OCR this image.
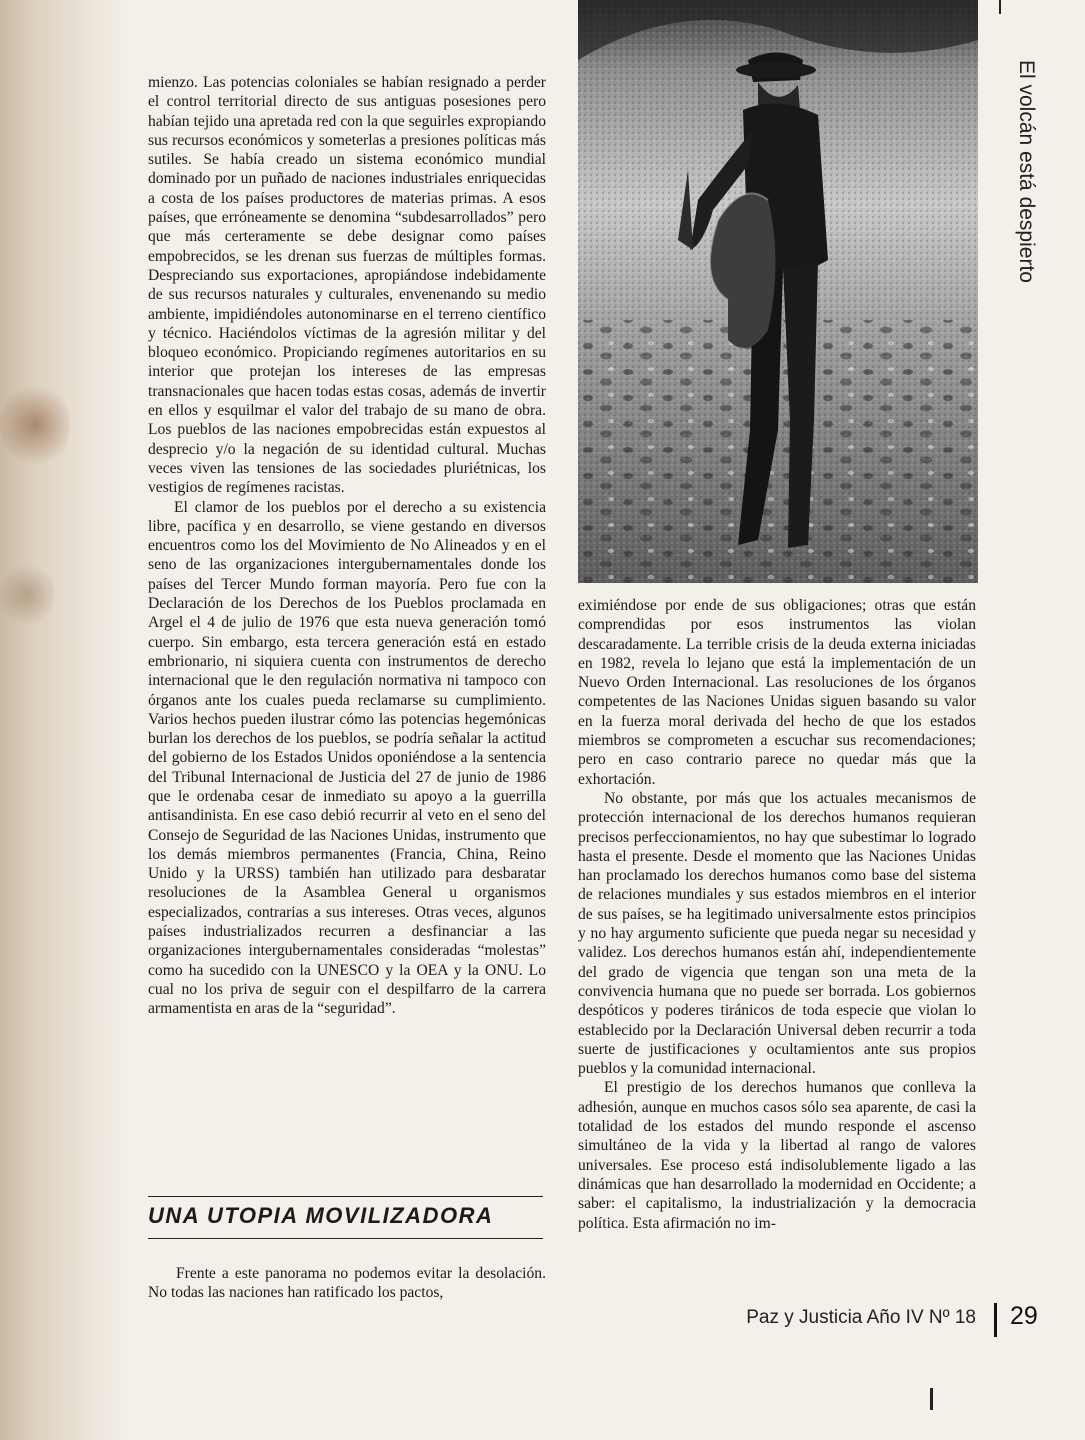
mienzo. Las potencias coloniales se habían resignado a perder el control territorial directo de sus antiguas posesiones pero habían tejido una apretada red con la que seguirles expropiando sus recursos económicos y someterlas a presiones políticas más sutiles. Se había creado un sistema económico mundial dominado por un puñado de naciones industriales enriquecidas a costa de los países productores de materias primas. A esos países, que erróneamente se denomina “subdesarrollados” pero que más certeramente se debe designar como países empobrecidos, se les drenan sus fuerzas de múltiples formas. Despreciando sus exportaciones, apropiándose indebidamente de sus recursos naturales y culturales, envenenando su medio ambiente, impidiéndoles autonominarse en el terreno científico y técnico. Haciéndolos víctimas de la agresión militar y del bloqueo económico. Propiciando regímenes autoritarios en su interior que protejan los intereses de las empresas transnacionales que hacen todas estas cosas, además de invertir en ellos y esquilmar el valor del trabajo de su mano de obra. Los pueblos de las naciones empobrecidas están expuestos al desprecio y/o la negación de su identidad cultural. Muchas veces viven las tensiones de las sociedades pluriétnicas, los vestigios de regímenes racistas.

El clamor de los pueblos por el derecho a su existencia libre, pacífica y en desarrollo, se viene gestando en diversos encuentros como los del Movimiento de No Alineados y en el seno de las organizaciones intergubernamentales donde los países del Tercer Mundo forman mayoría. Pero fue con la Declaración de los Derechos de los Pueblos proclamada en Argel el 4 de julio de 1976 que esta nueva generación tomó cuerpo. Sin embargo, esta tercera generación está en estado embrionario, ni siquiera cuenta con instrumentos de derecho internacional que le den regulación normativa ni tampoco con órganos ante los cuales pueda reclamarse su cumplimiento. Varios hechos pueden ilustrar cómo las potencias hegemónicas burlan los derechos de los pueblos, se podría señalar la actitud del gobierno de los Estados Unidos oponiéndose a la sentencia del Tribunal Internacional de Justicia del 27 de junio de 1986 que le ordenaba cesar de inmediato su apoyo a la guerrilla antisandinista. En ese caso debió recurrir al veto en el seno del Consejo de Seguridad de las Naciones Unidas, instrumento que los demás miembros permanentes (Francia, China, Reino Unido y la URSS) también han utilizado para desbaratar resoluciones de la Asamblea General u organismos especializados, contrarias a sus intereses. Otras veces, algunos países industrializados recurren a desfinanciar a las organizaciones intergubernamentales consideradas “molestas” como ha sucedido con la UNESCO y la OEA y la ONU. Lo cual no los priva de seguir con el despilfarro de la carrera armamentista en aras de la “seguridad”.

UNA UTOPIA MOVILIZADORA

Frente a este panorama no podemos evitar la desolación. No todas las naciones han ratificado los pactos,

eximiéndose por ende de sus obligaciones; otras que están comprendidas por esos instrumentos las violan descaradamente. La terrible crisis de la deuda externa iniciadas en 1982, revela lo lejano que está la implementación de un Nuevo Orden Internacional. Las resoluciones de los órganos competentes de las Naciones Unidas siguen basando su valor en la fuerza moral derivada del hecho de que los estados miembros se comprometen a escuchar sus recomendaciones; pero en caso contrario parece no quedar más que la exhortación.

No obstante, por más que los actuales mecanismos de protección internacional de los derechos humanos requieran precisos perfeccionamientos, no hay que subestimar lo logrado hasta el presente. Desde el momento que las Naciones Unidas han proclamado los derechos humanos como base del sistema de relaciones mundiales y sus estados miembros en el interior de sus países, se ha legitimado universalmente estos principios y no hay argumento suficiente que pueda negar su necesidad y validez. Los derechos humanos están ahí, independientemente del grado de vigencia que tengan son una meta de la convivencia humana que no puede ser borrada. Los gobiernos despóticos y poderes tiránicos de toda especie que violan lo establecido por la Declaración Universal deben recurrir a toda suerte de justificaciones y ocultamientos ante sus propios pueblos y la comunidad internacional.

El prestigio de los derechos humanos que conlleva la adhesión, aunque en muchos casos sólo sea aparente, de casi la totalidad de los estados del mundo responde el ascenso simultáneo de la vida y la libertad al rango de valores universales. Ese proceso está indisolublemente ligado a las dinámicas que han desarrollado la modernidad en Occidente; a saber: el capitalismo, la industrialización y la democracia política. Esta afirmación no im-

El volcán está despierto
Paz y Justicia Año IV Nº 18 29
